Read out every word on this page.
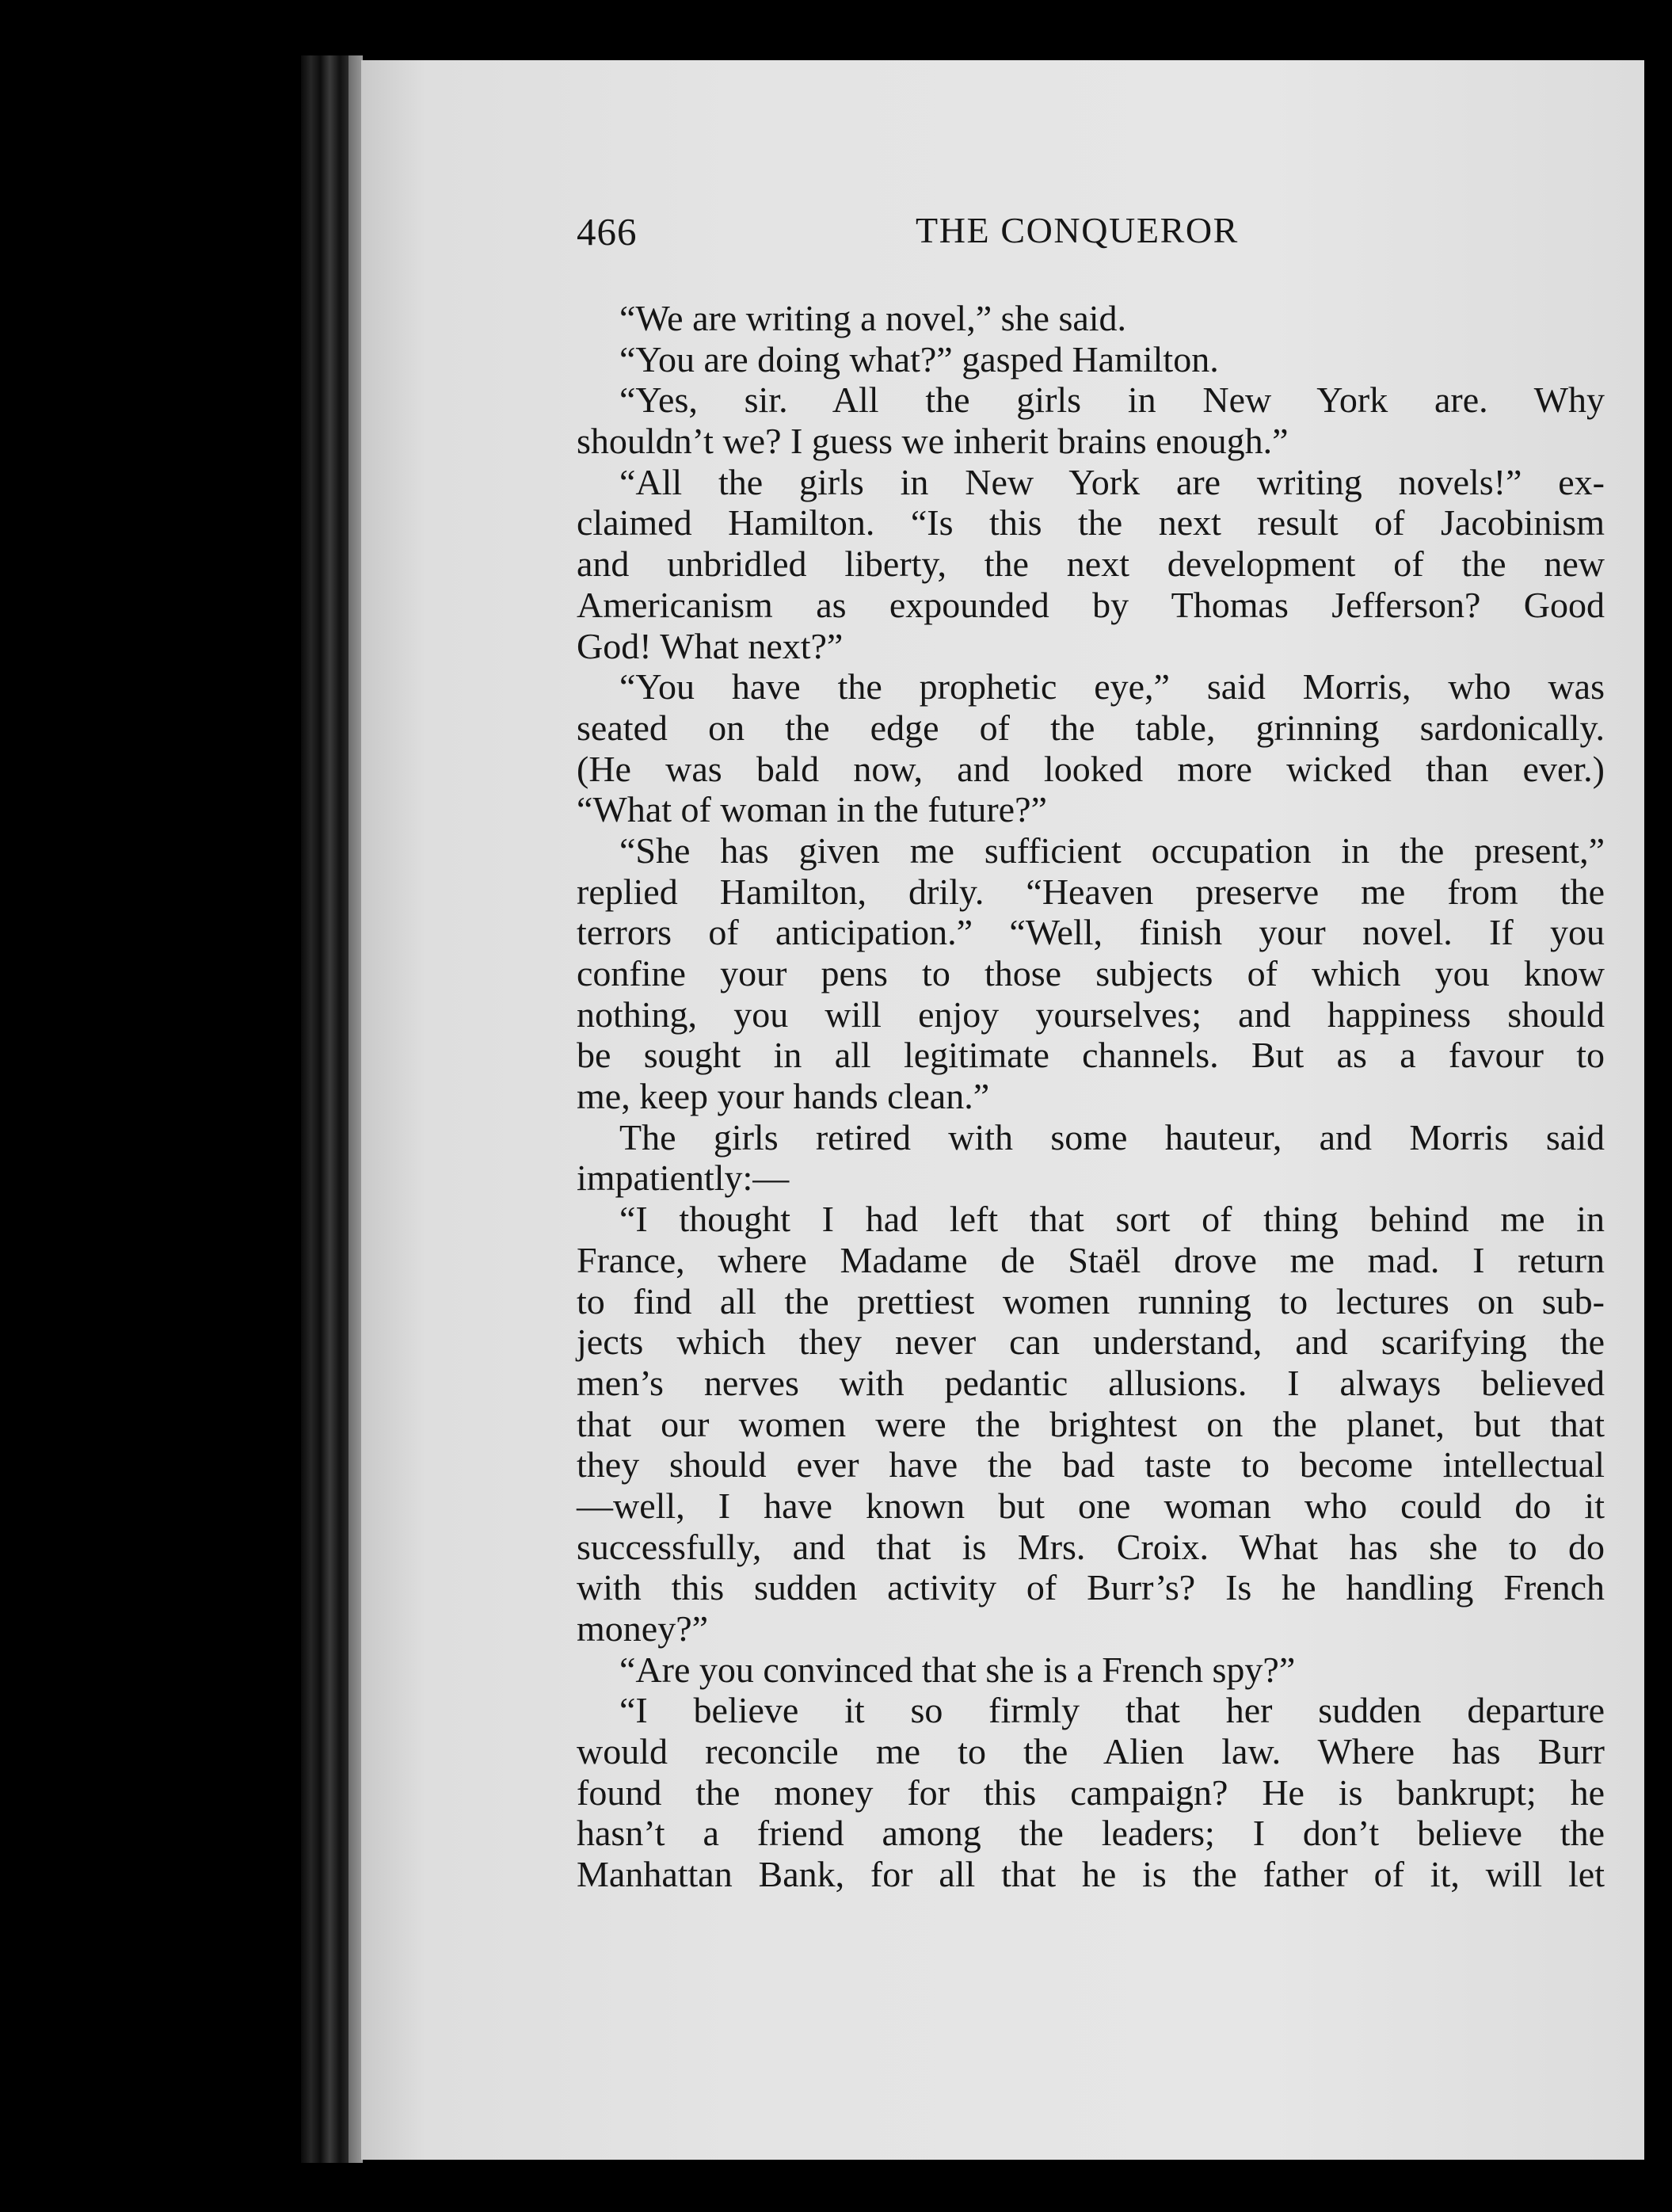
466	THE CONQUEROR
“We are writing a novel,” she said.
“You are doing what?” gasped Hamilton.
“Yes, sir. All the girls in New York are. Why
shouldn’t we? I guess we inherit brains enough.”
“All the girls in New York are writing novels!” ex-
claimed Hamilton. “Is this the next result of Jacobinism
and unbridled liberty, the next development of the new
Americanism as expounded by Thomas Jefferson? Good
God! What next?”
“You have the prophetic eye,” said Morris, who was
seated on the edge of the table, grinning sardonically.
(He was bald now, and looked more wicked than ever.)
“What of woman in the future?”
“She has given me sufficient occupation in the present,”
replied Hamilton, drily. “Heaven preserve me from the
terrors of anticipation.” “Well, finish your novel. If you
confine your pens to those subjects of which you know
nothing, you will enjoy yourselves; and happiness should
be sought in all legitimate channels. But as a favour to
me, keep your hands clean.”
The girls retired with some hauteur, and Morris said
impatiently:—
“I thought I had left that sort of thing behind me in
France, where Madame de Staël drove me mad. I return
to find all the prettiest women running to lectures on sub-
jects which they never can understand, and scarifying the
men’s nerves with pedantic allusions. I always believed
that our women were the brightest on the planet, but that
they should ever have the bad taste to become intellectual
—well, I have known but one woman who could do it
successfully, and that is Mrs. Croix. What has she to do
with this sudden activity of Burr’s? Is he handling French
money?”
“Are you convinced that she is a French spy?”
“I believe it so firmly that her sudden departure
would reconcile me to the Alien law. Where has Burr
found the money for this campaign? He is bankrupt; he
hasn’t a friend among the leaders; I don’t believe the
Manhattan Bank, for all that he is the father of it, will let
